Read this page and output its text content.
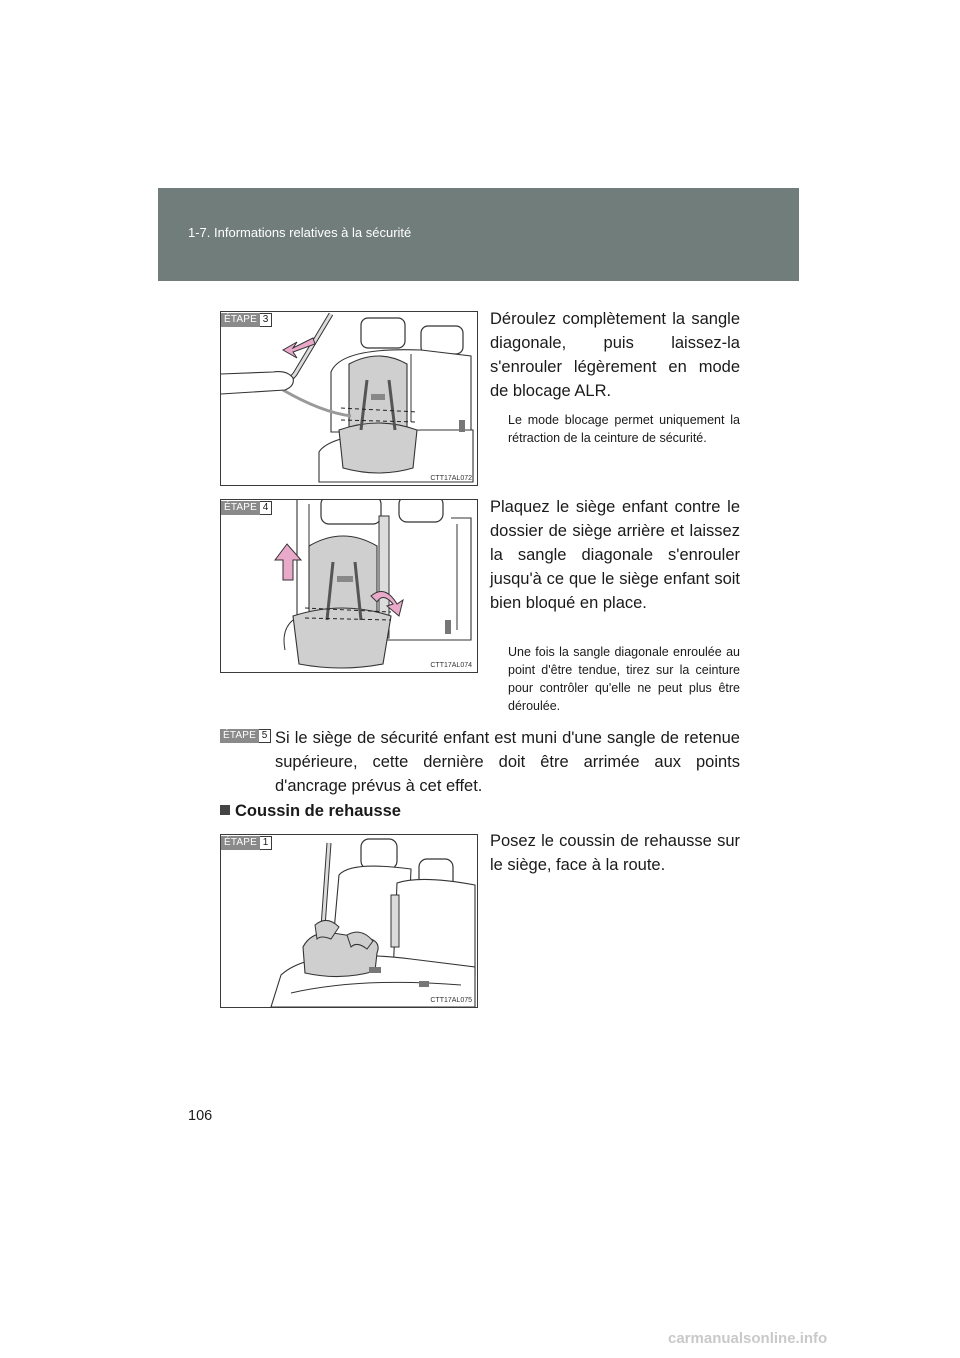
1-7. Informations relatives à la sécurité
ÉTAPE 3
CTT17AL072

Déroulez complètement la sangle diagonale, puis laissez-la s'enrouler légèrement en mode de blocage ALR.

Le mode blocage permet uniquement la rétraction de la ceinture de sécurité.

ÉTAPE 4
CTT17AL074

Plaquez le siège enfant contre le dossier de siège arrière et laissez la sangle diagonale s'enrouler jusqu'à ce que le siège enfant soit bien bloqué en place.

Une fois la sangle diagonale enroulée au point d'être tendue, tirez sur la ceinture pour contrôler qu'elle ne peut plus être déroulée.

ÉTAPE 5 Si le siège de sécurité enfant est muni d'une sangle de retenue supérieure, cette dernière doit être arrimée aux points d'ancrage prévus à cet effet.

Coussin de rehausse

ÉTAPE 1
CTT17AL075

Posez le coussin de rehausse sur le siège, face à la route.

106
carmanualsonline.info
